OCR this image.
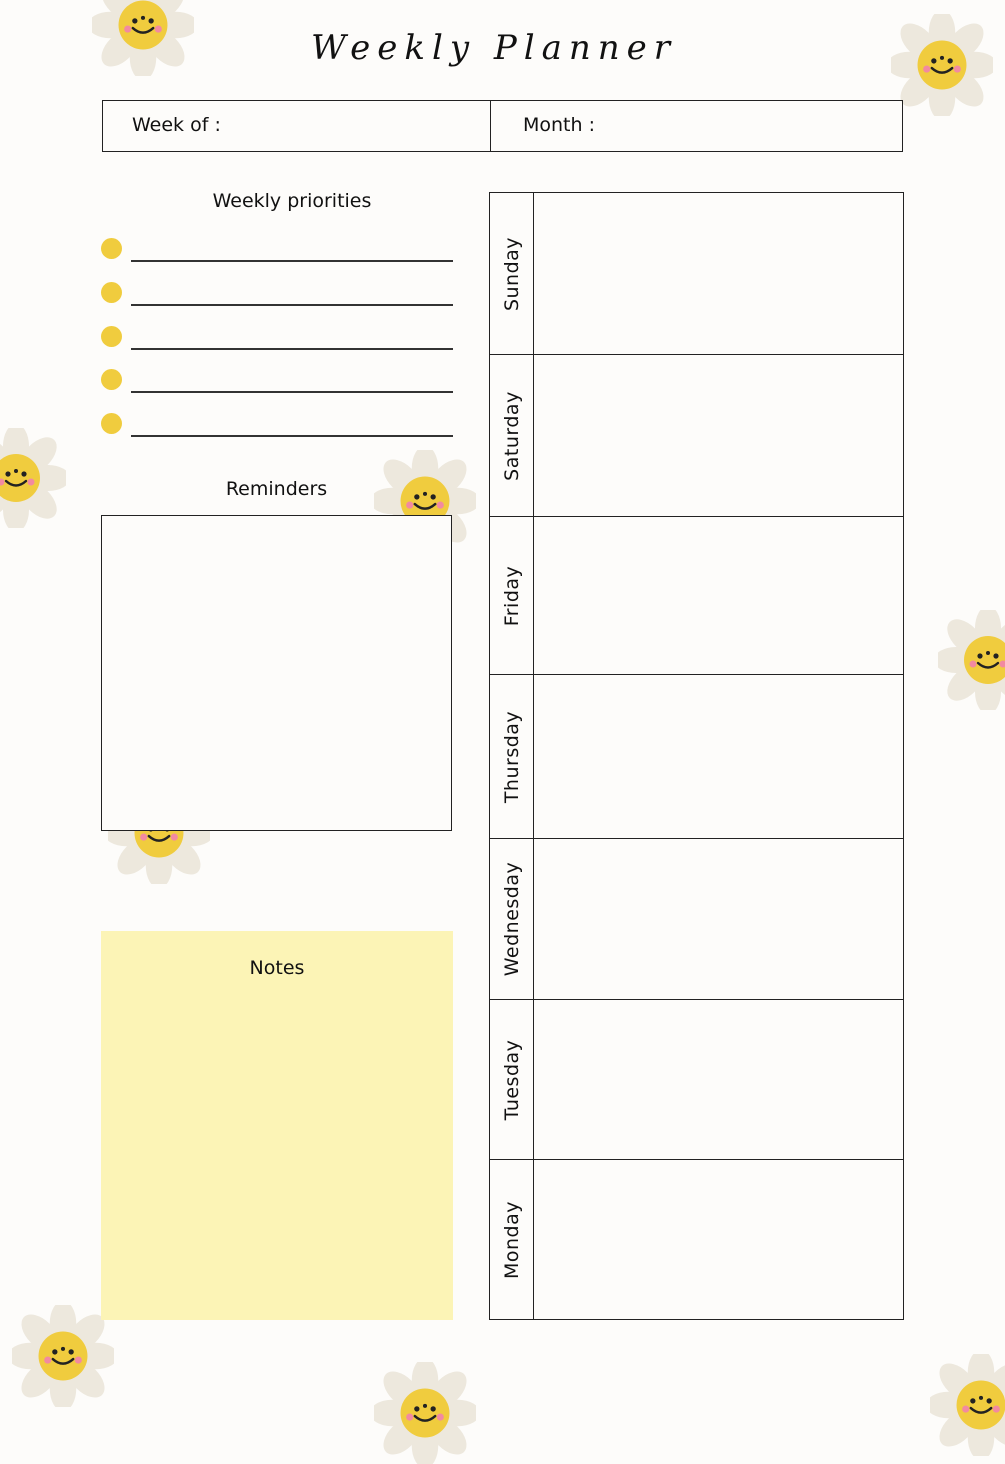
Weekly Planner
Week of :	Month :
Weekly priorities
Reminders
Notes
Sunday
Saturday
Friday
Thursday
Wednesday
Tuesday
Monday
